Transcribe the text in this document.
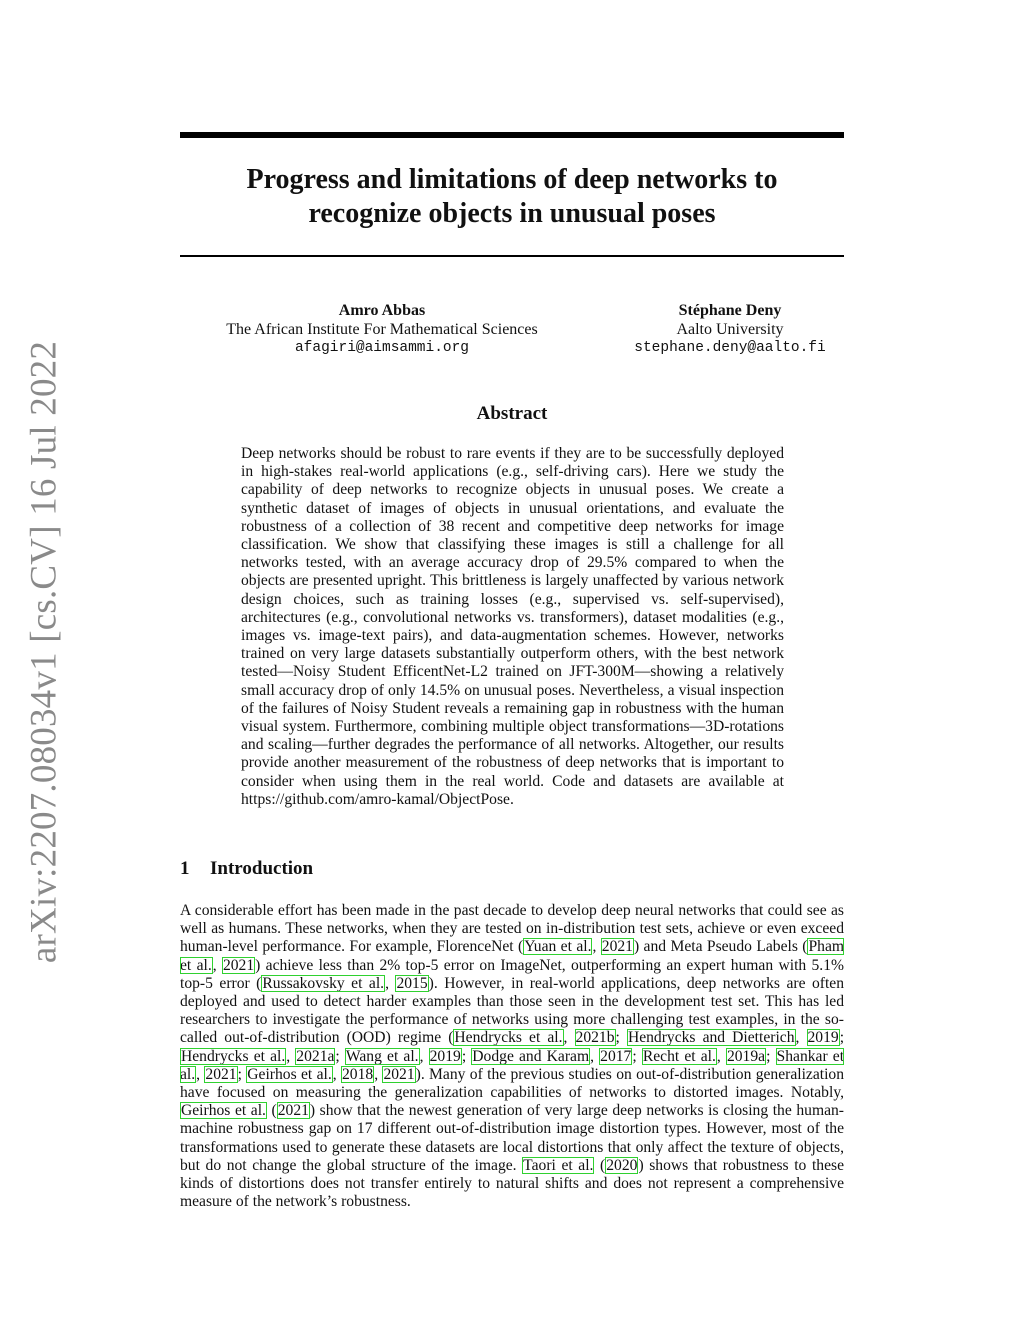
arXiv:2207.08034v1 [cs.CV] 16 Jul 2022
Progress and limitations of deep networks to
recognize objects in unusual poses
Amro Abbas
The African Institute For Mathematical Sciences
afagiri@aimsammi.org
Stéphane Deny
Aalto University
stephane.deny@aalto.fi
Abstract

Deep networks should be robust to rare events if they are to be successfully deployed in high-stakes real-world applications (e.g., self-driving cars). Here we study the capability of deep networks to recognize objects in unusual poses. We create a synthetic dataset of images of objects in unusual orientations, and evaluate the robustness of a collection of 38 recent and competitive deep networks for image classification. We show that classifying these images is still a challenge for all networks tested, with an average accuracy drop of 29.5% compared to when the objects are presented upright. This brittleness is largely unaffected by various network design choices, such as training losses (e.g., supervised vs. self-supervised), architectures (e.g., convolutional networks vs. transformers), dataset modalities (e.g., images vs. image-text pairs), and data-augmentation schemes. However, networks trained on very large datasets substantially outperform others, with the best network tested—Noisy Student EfficentNet-L2 trained on JFT-300M—showing a relatively small accuracy drop of only 14.5% on unusual poses. Nevertheless, a visual inspection of the failures of Noisy Student reveals a remaining gap in robustness with the human visual system. Furthermore, combining multiple object transformations—3D-rotations and scaling—further degrades the performance of all networks. Altogether, our results provide another measurement of the robustness of deep networks that is important to consider when using them in the real world. Code and datasets are available at https://github.com/amro-kamal/ObjectPose.

1 Introduction

A considerable effort has been made in the past decade to develop deep neural networks that could see as well as humans. These networks, when they are tested on in-distribution test sets, achieve or even exceed human-level performance. For example, FlorenceNet (Yuan et al., 2021) and Meta Pseudo Labels (Pham et al., 2021) achieve less than 2% top-5 error on ImageNet, outperforming an expert human with 5.1% top-5 error (Russakovsky et al., 2015). However, in real-world applications, deep networks are often deployed and used to detect harder examples than those seen in the development test set. This has led researchers to investigate the performance of networks using more challenging test examples, in the so-called out-of-distribution (OOD) regime (Hendrycks et al., 2021b; Hendrycks and Dietterich, 2019; Hendrycks et al., 2021a; Wang et al., 2019; Dodge and Karam, 2017; Recht et al., 2019a; Shankar et al., 2021; Geirhos et al., 2018, 2021). Many of the previous studies on out-of-distribution generalization have focused on measuring the generalization capabilities of networks to distorted images. Notably, Geirhos et al. (2021) show that the newest generation of very large deep networks is closing the human-machine robustness gap on 17 different out-of-distribution image distortion types. However, most of the transformations used to generate these datasets are local distortions that only affect the texture of objects, but do not change the global structure of the image. Taori et al. (2020) shows that robustness to these kinds of distortions does not transfer entirely to natural shifts and does not represent a comprehensive measure of the network’s robustness.
